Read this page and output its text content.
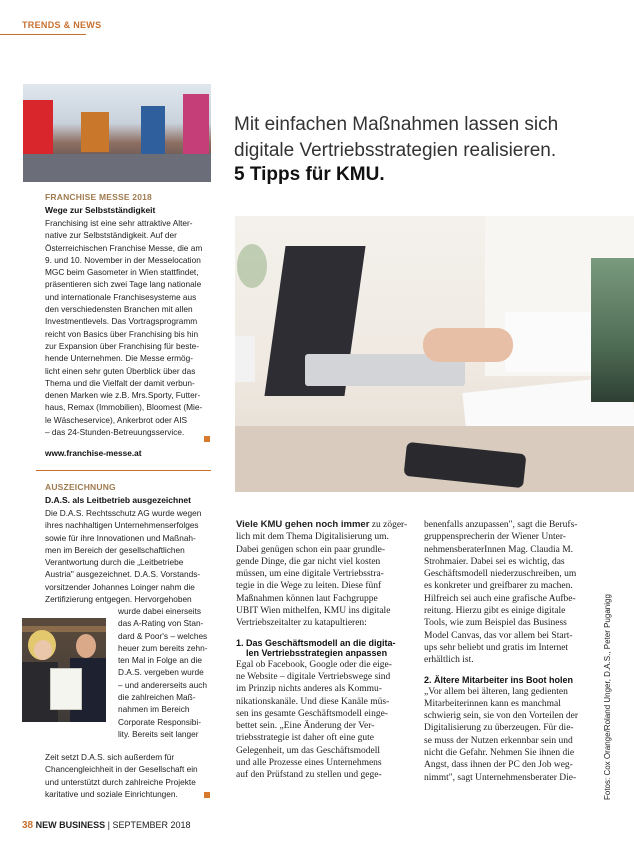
TRENDS & NEWS
FRANCHISE MESSE 2018
Wege zur Selbstständigkeit

Franchising ist eine sehr attraktive Alter-

native zur Selbstständigkeit. Auf der

Österreichischen Franchise Messe, die am

9. und 10. November in der Messelocation

MGC beim Gasometer in Wien stattfindet,

präsentieren sich zwei Tage lang nationale

und internationale Franchisesysteme aus

den verschiedensten Branchen mit allen

Investmentlevels. Das Vortragsprogramm

reicht von Basics über Franchising bis hin

zur Expansion über Franchising für beste-

hende Unternehmen. Die Messe ermög-

licht einen sehr guten Überblick über das

Thema und die Vielfalt der damit verbun-

denen Marken wie z.B. Mrs.Sporty, Futter-

haus, Remax (Immobilien), Bloomest (Mie-

le Wäscheservice), Ankerbrot oder AIS

– das 24-Stunden-Betreuungsservice.

www.franchise-messe.at
AUSZEICHNUNG
D.A.S. als Leitbetrieb ausgezeichnet

Die D.A.S. Rechtsschutz AG wurde wegen

ihres nachhaltigen Unternehmenserfolges

sowie für ihre Innovationen und Maßnah-

men im Bereich der gesellschaftlichen

Verantwortung durch die „Leitbetriebe

Austria" ausgezeichnet. D.A.S. Vorstands-

vorsitzender Johannes Loinger nahm die

Zertifizierung entgegen. Hervorgehoben

wurde dabei einerseits

das A-Rating von Stan-

dard & Poor's – welches

heuer zum bereits zehn-

ten Mal in Folge an die

D.A.S. vergeben wurde

– und andererseits auch

die zahlreichen Maß-

nahmen im Bereich

Corporate Responsibi-

lity. Bereits seit langer

Zeit setzt D.A.S. sich außerdem für

Chancengleichheit in der Gesellschaft ein

und unterstützt durch zahlreiche Projekte

karitative und soziale Einrichtungen.

Mit einfachen Maßnahmen lassen sich
digitale Vertriebsstrategien realisieren.
5 Tipps für KMU.

Viele KMU gehen noch immer zu zöger-

lich mit dem Thema Digitalisierung um.

Dabei genügen schon ein paar grundle-

gende Dinge, die gar nicht viel kosten

müssen, um eine digitale Vertriebsstra-

tegie in die Wege zu leiten. Diese fünf

Maßnahmen können laut Fachgruppe

UBIT Wien mithelfen, KMU ins digitale

Vertriebszeitalter zu katapultieren:

1. Das Geschäftsmodell an die digita-
len Vertriebsstrategien anpassen

Egal ob Facebook, Google oder die eige-

ne Website – digitale Vertriebswege sind

im Prinzip nichts anderes als Kommu-

nikationskanäle. Und diese Kanäle müs-

sen ins gesamte Geschäftsmodell einge-

bettet sein. „Eine Änderung der Ver-

triebsstrategie ist daher oft eine gute

Gelegenheit, um das Geschäftsmodell

und alle Prozesse eines Unternehmens

auf den Prüfstand zu stellen und gege-

benenfalls anzupassen", sagt die Berufs-

gruppensprecherin der Wiener Unter-

nehmensberaterInnen Mag. Claudia M.

Strohmaier. Dabei sei es wichtig, das

Geschäftsmodell niederzuschreiben, um

es konkreter und greifbarer zu machen.

Hilfreich sei auch eine grafische Aufbe-

reitung. Hierzu gibt es einige digitale

Tools, wie zum Beispiel das Business

Model Canvas, das vor allem bei Start-

ups sehr beliebt und gratis im Internet

erhältlich ist.

2. Ältere Mitarbeiter ins Boot holen

„Vor allem bei älteren, lang gedienten

Mitarbeiterinnen kann es manchmal

schwierig sein, sie von den Vorteilen der

Digitalisierung zu überzeugen. Für die-

se muss der Nutzen erkennbar sein und

nicht die Gefahr. Nehmen Sie ihnen die

Angst, dass ihnen der PC den Job weg-

nimmt", sagt Unternehmensberater Die-	Fotos: Cox Orange/Roland Unger, D.A.S., Peter Puganigg
38 NEW BUSINESS | SEPTEMBER 2018
